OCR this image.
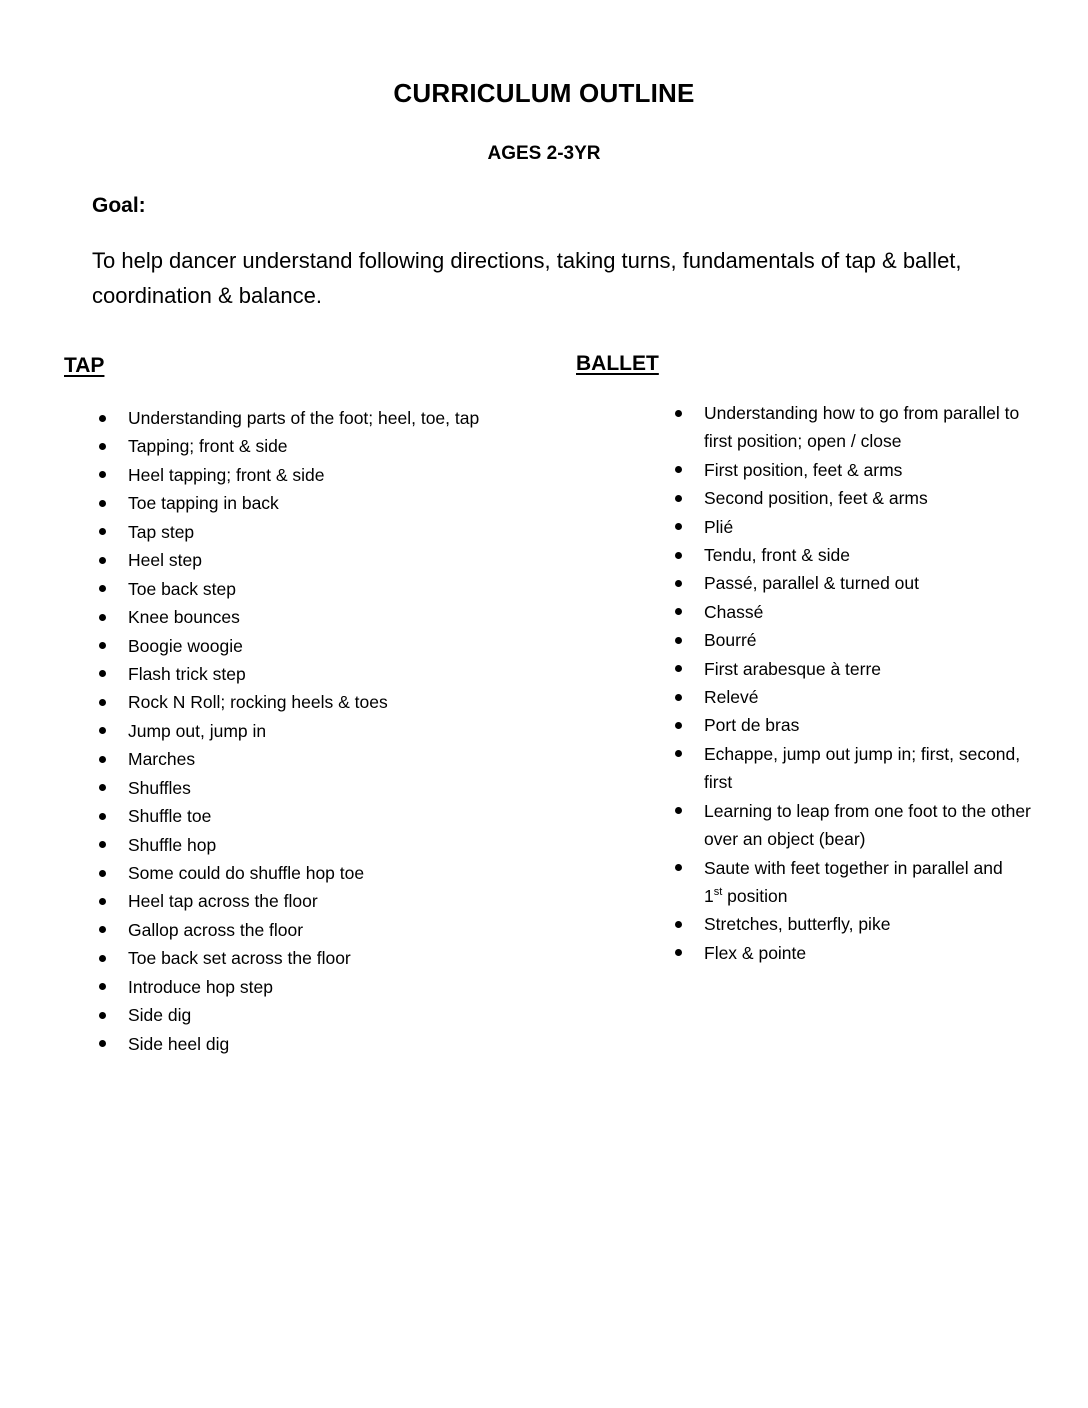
CURRICULUM OUTLINE
AGES 2-3YR
Goal:
To help dancer understand following directions, taking turns, fundamentals of tap & ballet, coordination & balance.
TAP	BALLET
Understanding parts of the foot; heel, toe, tap
Tapping; front & side
Heel tapping; front & side
Toe tapping in back
Tap step
Heel step
Toe back step
Knee bounces
Boogie woogie
Flash trick step
Rock N Roll; rocking heels & toes
Jump out, jump in
Marches
Shuffles
Shuffle toe
Shuffle hop
Some could do shuffle hop toe
Heel tap across the floor
Gallop across the floor
Toe back set across the floor
Introduce hop step
Side dig
Side heel dig
Understanding how to go from parallel to first position; open / close
First position, feet & arms
Second position, feet & arms
Plié
Tendu, front & side
Passé, parallel & turned out
Chassé
Bourré
First arabesque à terre
Relevé
Port de bras
Echappe, jump out jump in; first, second, first
Learning to leap from one foot to the other over an object (bear)
Saute with feet together in parallel and
1st position
Stretches, butterfly, pike
Flex & pointe
